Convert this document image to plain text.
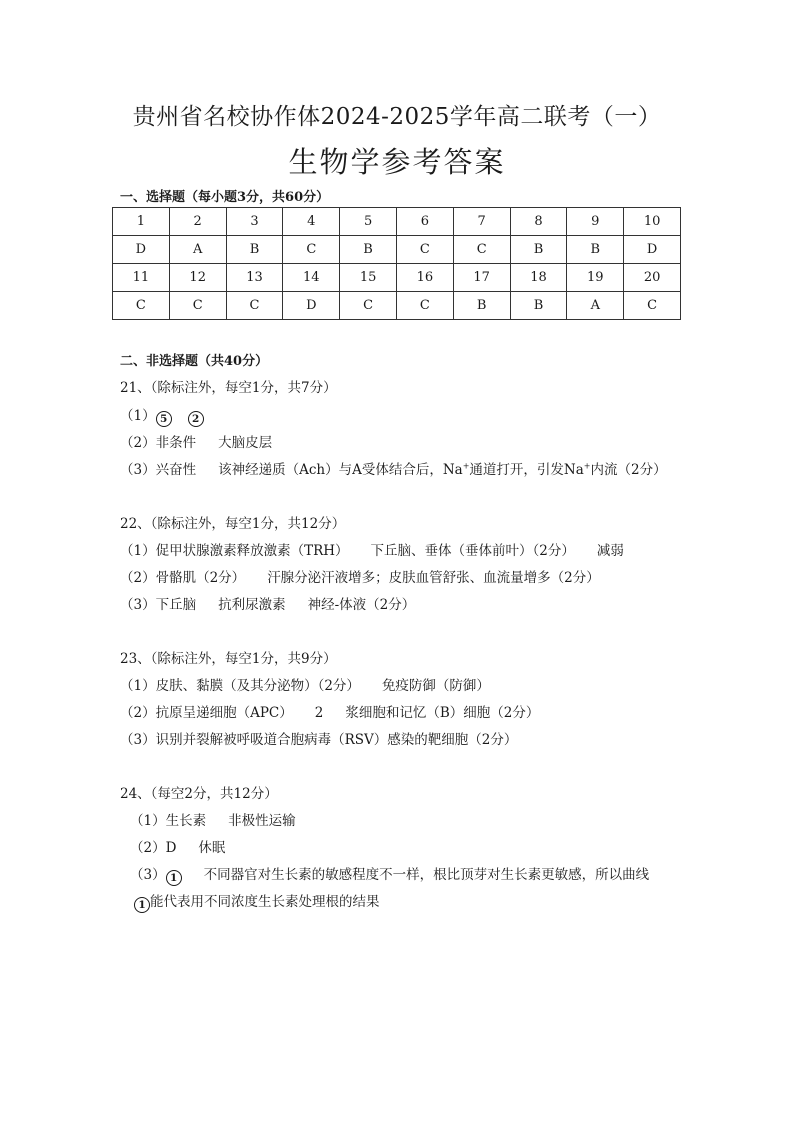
贵州省名校协作体2024-2025学年高二联考（一）
生物学参考答案
一、选择题（每小题3分，共60分）
1	2	3	4	5	6	7	8	9	10
D	A	B	C	B	C	C	B	B	D
11	12	13	14	15	16	17	18	19	20
C	C	C	D	C	C	B	B	A	C
二、非选择题（共40分）
21、（除标注外，每空1分，共7分）
（1） 5 2
（2）非条件 大脑皮层
（3）兴奋性 该神经递质（Ach）与A受体结合后，Na+通道打开，引发Na+内流（2分）
22、（除标注外，每空1分，共12分）
（1）促甲状腺激素释放激素（TRH） 下丘脑、垂体（垂体前叶）（2分） 减弱
（2）骨骼肌（2分） 汗腺分泌汗液增多；皮肤血管舒张、血流量增多（2分）
（3）下丘脑 抗利尿激素 神经-体液（2分）
23、（除标注外，每空1分，共9分）
（1）皮肤、黏膜（及其分泌物）（2分） 免疫防御（防御）
（2）抗原呈递细胞（APC） 2 浆细胞和记忆（B）细胞（2分）
（3）识别并裂解被呼吸道合胞病毒（RSV）感染的靶细胞（2分）
24、（每空2分，共12分）
（1）生长素 非极性运输
（2）D 休眠
（3） 1 不同器官对生长素的敏感程度不一样，根比顶芽对生长素更敏感，所以曲线
1 能代表用不同浓度生长素处理根的结果
